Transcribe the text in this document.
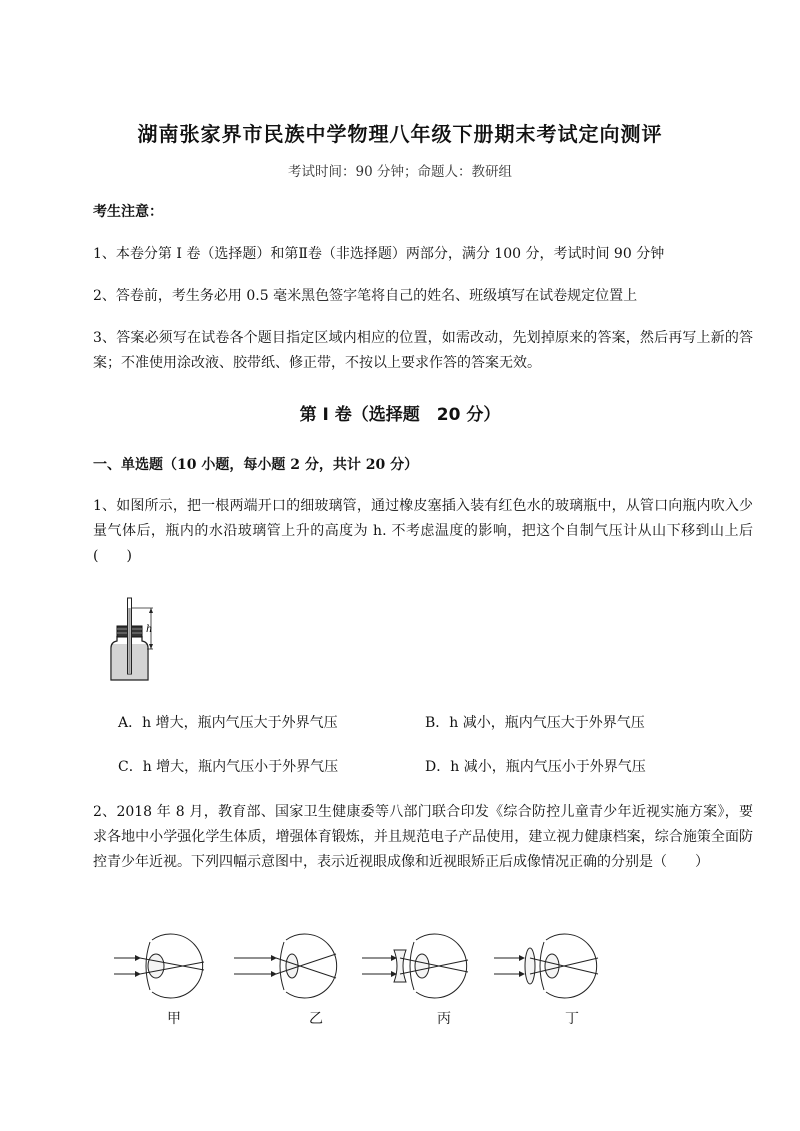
湖南张家界市民族中学物理八年级下册期末考试定向测评
考试时间：90 分钟；命题人：教研组
考生注意：
1、本卷分第 I 卷（选择题）和第Ⅱ卷（非选择题）两部分，满分 100 分，考试时间 90 分钟
2、答卷前，考生务必用 0.5 毫米黑色签字笔将自己的姓名、班级填写在试卷规定位置上
3、答案必须写在试卷各个题目指定区域内相应的位置，如需改动，先划掉原来的答案，然后再写上新的答案；不准使用涂改液、胶带纸、修正带，不按以上要求作答的答案无效。
第 I 卷（选择题　20 分）
一、单选题（10 小题，每小题 2 分，共计 20 分）
1、如图所示，把一根两端开口的细玻璃管，通过橡皮塞插入装有红色水的玻璃瓶中，从管口向瓶内吹入少量气体后，瓶内的水沿玻璃管上升的高度为 h. 不考虑温度的影响，把这个自制气压计从山下移到山上后(　　)
h
A．h 增大，瓶内气压大于外界气压	B．h 减小，瓶内气压大于外界气压
C．h 增大，瓶内气压小于外界气压	D．h 减小，瓶内气压小于外界气压
2、2018 年 8 月，教育部、国家卫生健康委等八部门联合印发《综合防控儿童青少年近视实施方案》，要求各地中小学强化学生体质，增强体育锻炼，并且规范电子产品使用，建立视力健康档案，综合施策全面防控青少年近视。下列四幅示意图中，表示近视眼成像和近视眼矫正后成像情况正确的分别是（　　）
甲	乙	丙	丁
